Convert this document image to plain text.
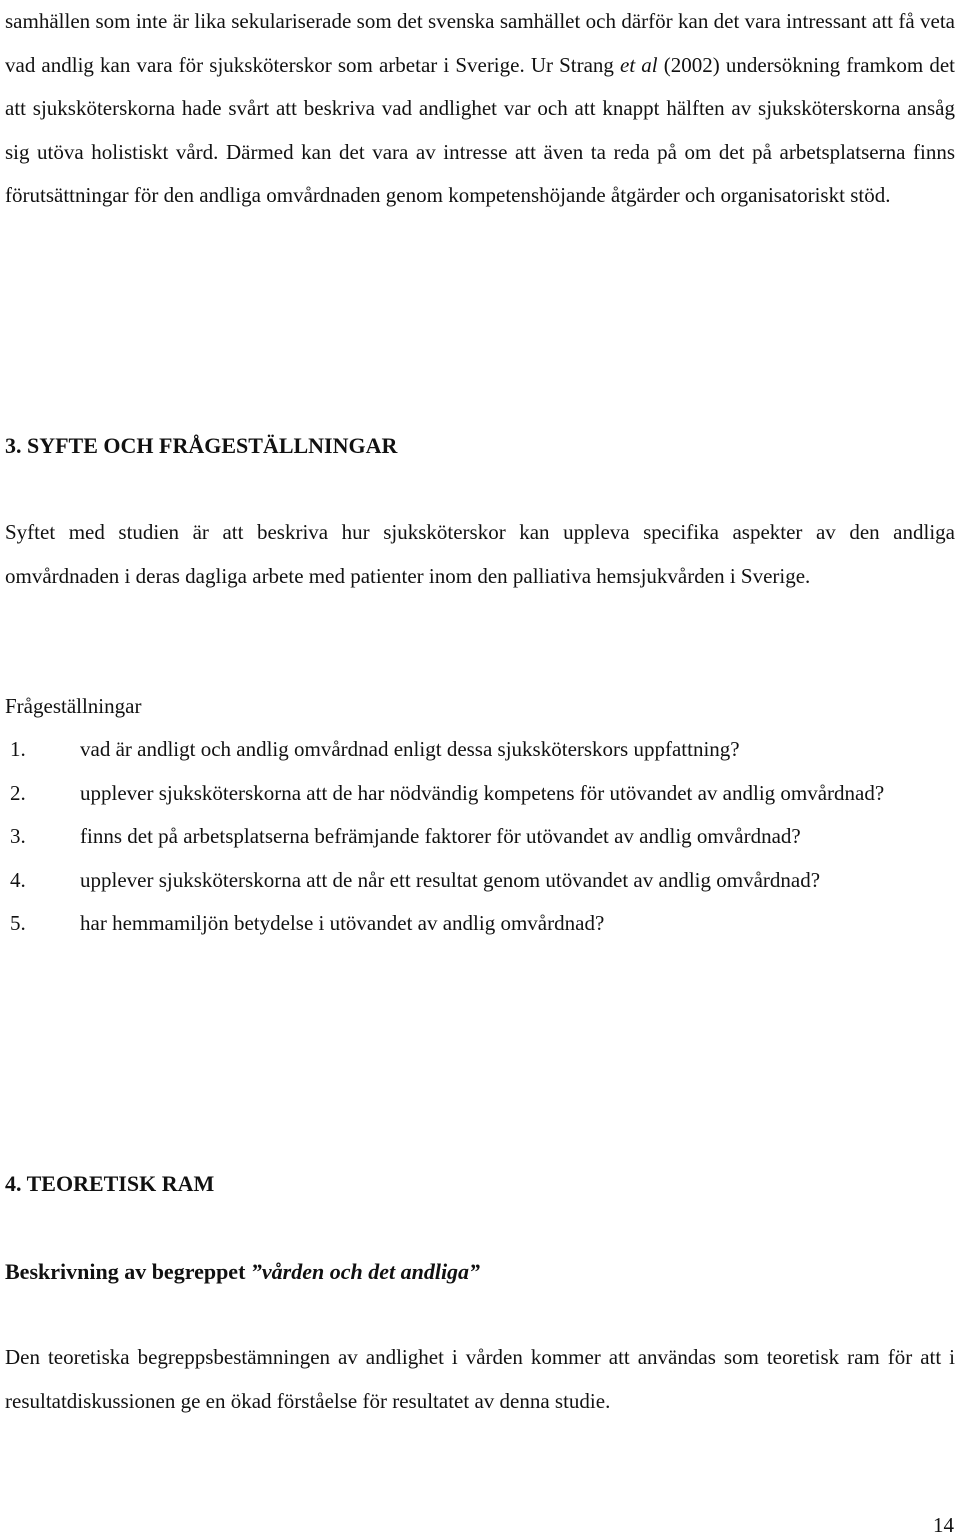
samhällen som inte är lika sekulariserade som det svenska samhället och därför kan det vara intressant att få veta vad andlig kan vara för sjuksköterskor som arbetar i Sverige. Ur Strang et al (2002) undersökning framkom det att sjuksköterskorna hade svårt att beskriva vad andlighet var och att knappt hälften av sjuksköterskorna ansåg sig utöva holistiskt vård. Därmed kan det vara av intresse att även ta reda på om det på arbetsplatserna finns förutsättningar för den andliga omvårdnaden genom kompetenshöjande åtgärder och organisatoriskt stöd.

3. SYFTE OCH FRÅGESTÄLLNINGAR

Syftet med studien är att beskriva hur sjuksköterskor kan uppleva specifika aspekter av den andliga omvårdnaden i deras dagliga arbete med patienter inom den palliativa hemsjukvården i Sverige.

Frågeställningar

1.	vad är andligt och andlig omvårdnad enligt dessa sjuksköterskors uppfattning?
2.	upplever sjuksköterskorna att de har nödvändig kompetens för utövandet av andlig omvårdnad?
3.	finns det på arbetsplatserna befrämjande faktorer för utövandet av andlig omvårdnad?
4.	upplever sjuksköterskorna att de når ett resultat genom utövandet av andlig omvårdnad?
5.	har hemmamiljön betydelse i utövandet av andlig omvårdnad?
4. TEORETISK RAM
Beskrivning av begreppet ”vården och det andliga”

Den teoretiska begreppsbestämningen av andlighet i vården kommer att användas som teoretisk ram för att i resultatdiskussionen ge en ökad förståelse för resultatet av denna studie.

14
